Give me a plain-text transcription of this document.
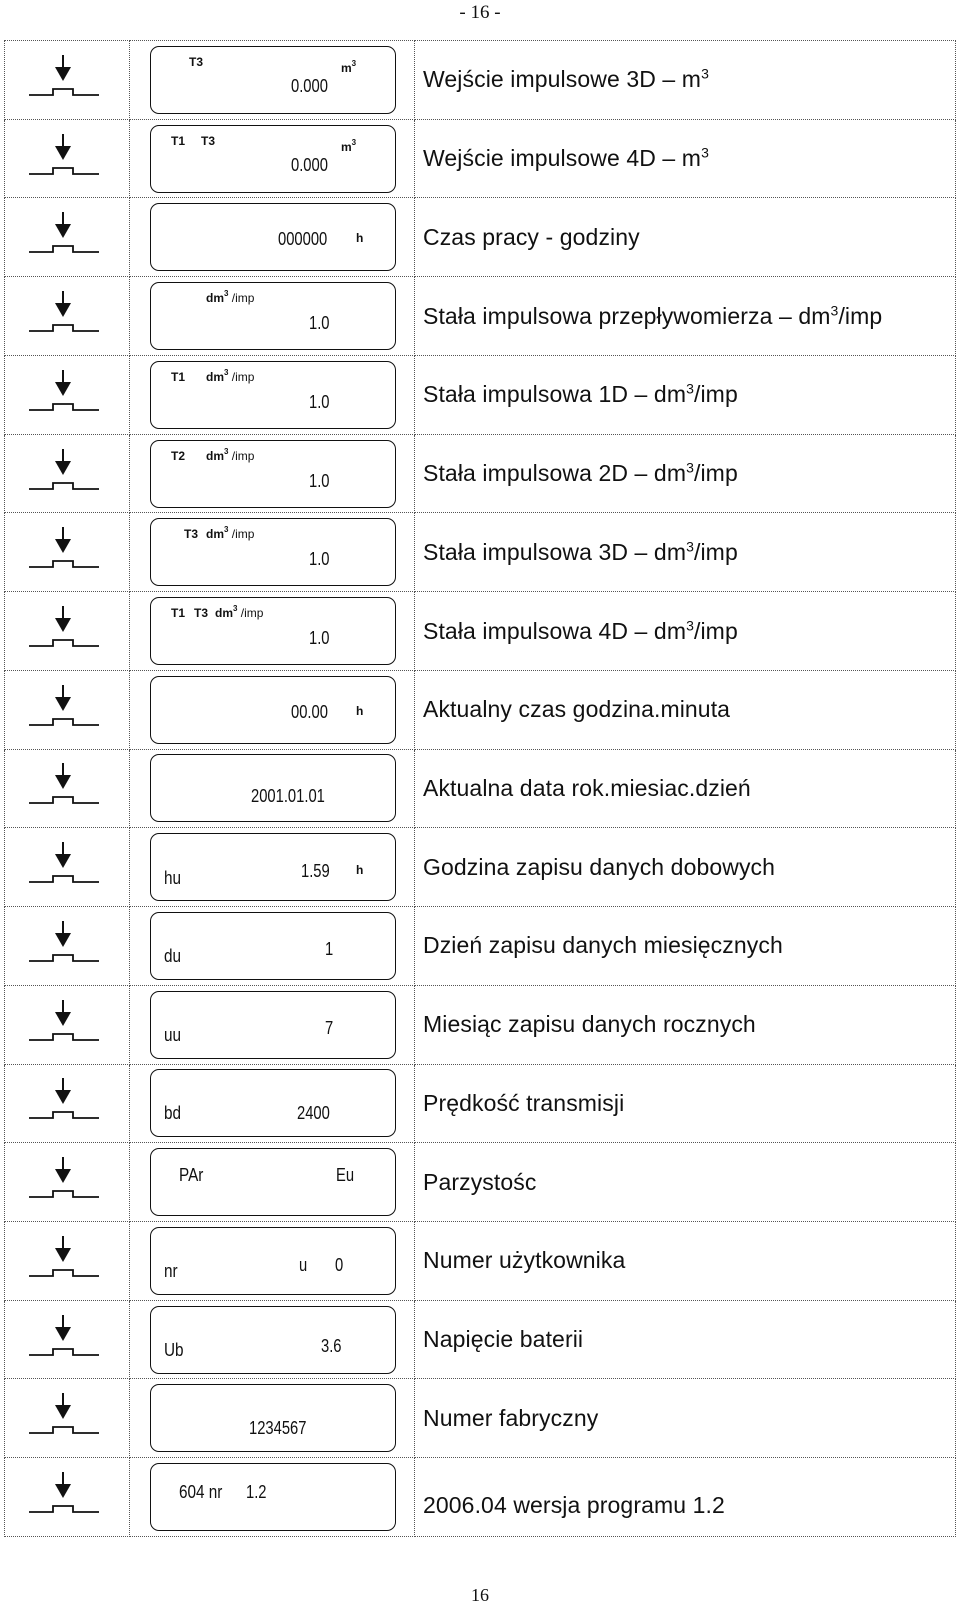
- 16 -

T3
0.000
$m^3$	Wejście impulsowe $3D - m^3$

T1 T3
0.000
$m^3$	Wejście impulsowe $4D - m^3$

000000 h	Czas pracy - godziny

$dm^3$ /imp
1.0	Stała impulsowa przepływomierza – $dm^3$/imp

T1 $dm^3$ /imp
1.0	Stała impulsowa $1D - dm^3$/imp

T2 $dm^3$ /imp
1.0	Stała impulsowa $2D - dm^3$/imp

T3 $dm^3$ /imp
1.0	Stała impulsowa $3D - dm^3$/imp

T1 T3 $dm^3$ /imp
1.0	Stała impulsowa $4D - dm^3$/imp

00.00 h	Aktualny czas godzina.minuta

2001.01.01	Aktualna data rok.miesiac.dzień

hu 1.59 h	Godzina zapisu danych dobowych

du 1	Dzień zapisu danych miesięcznych

uu 7	Miesiąc zapisu danych rocznych

bd 2400	Prędkość transmisji

PAr Eu	Parzystośc

nr u 0	Numer użytkownika

Ub 3.6	Napięcie baterii

1234567	Numer fabryczny

604 nr 1.2	2006.04 wersja programu 1.2
16
